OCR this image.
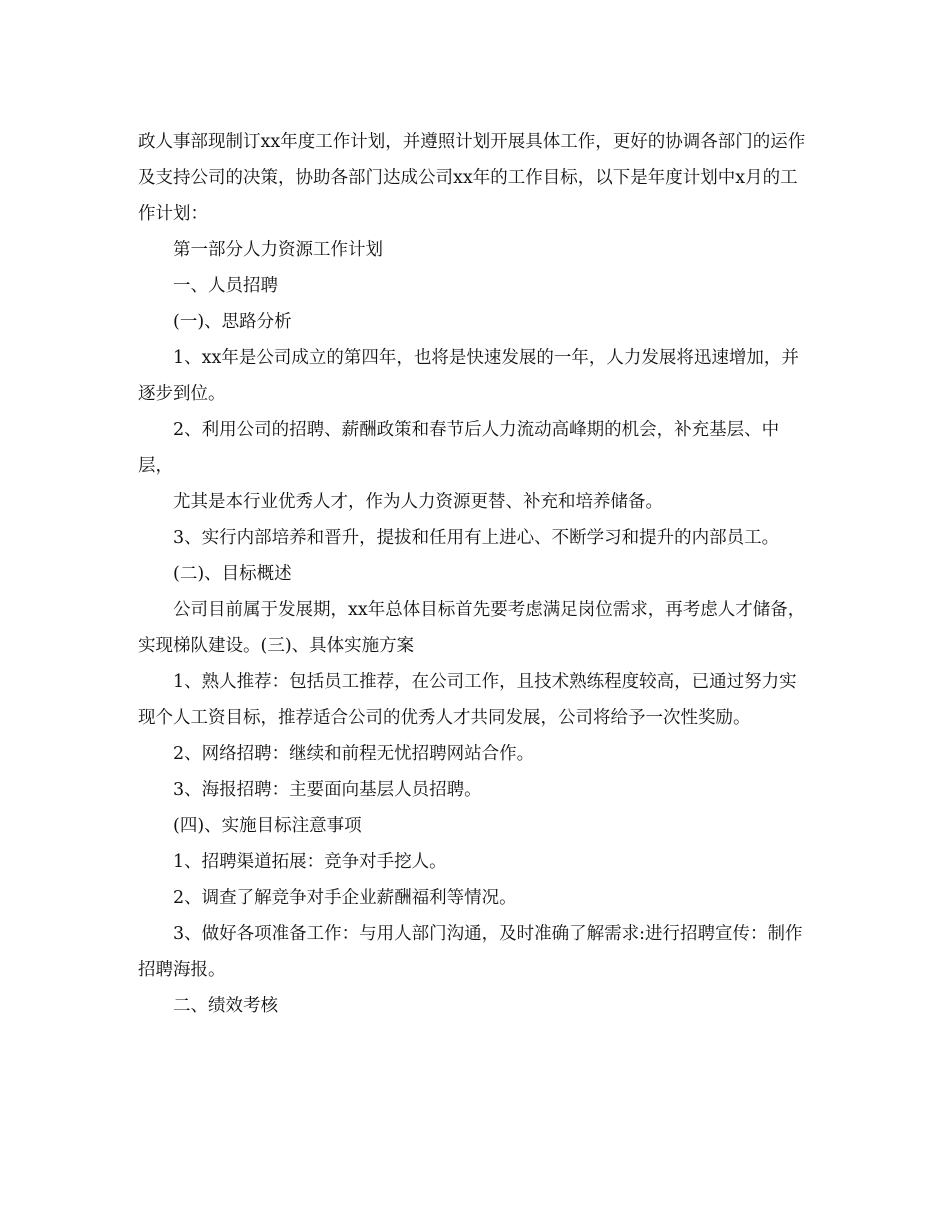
政人事部现制订xx年度工作计划，并遵照计划开展具体工作，更好的协调各部门的运作及支持公司的决策，协助各部门达成公司xx年的工作目标，以下是年度计划中x月的工作计划：

第一部分人力资源工作计划

一、人员招聘

(一)、思路分析

1、xx年是公司成立的第四年，也将是快速发展的一年，人力发展将迅速增加，并逐步到位。

2、利用公司的招聘、薪酬政策和春节后人力流动高峰期的机会，补充基层、中层，

尤其是本行业优秀人才，作为人力资源更替、补充和培养储备。

3、实行内部培养和晋升，提拔和任用有上进心、不断学习和提升的内部员工。

(二)、目标概述

公司目前属于发展期，xx年总体目标首先要考虑满足岗位需求，再考虑人才储备，实现梯队建设。(三)、具体实施方案

1、熟人推荐：包括员工推荐，在公司工作，且技术熟练程度较高，已通过努力实现个人工资目标，推荐适合公司的优秀人才共同发展，公司将给予一次性奖励。

2、网络招聘：继续和前程无忧招聘网站合作。

3、海报招聘：主要面向基层人员招聘。

(四)、实施目标注意事项

1、招聘渠道拓展：竞争对手挖人。

2、调查了解竞争对手企业薪酬福利等情况。

3、做好各项准备工作：与用人部门沟通，及时准确了解需求:进行招聘宣传：制作招聘海报。

二、绩效考核
